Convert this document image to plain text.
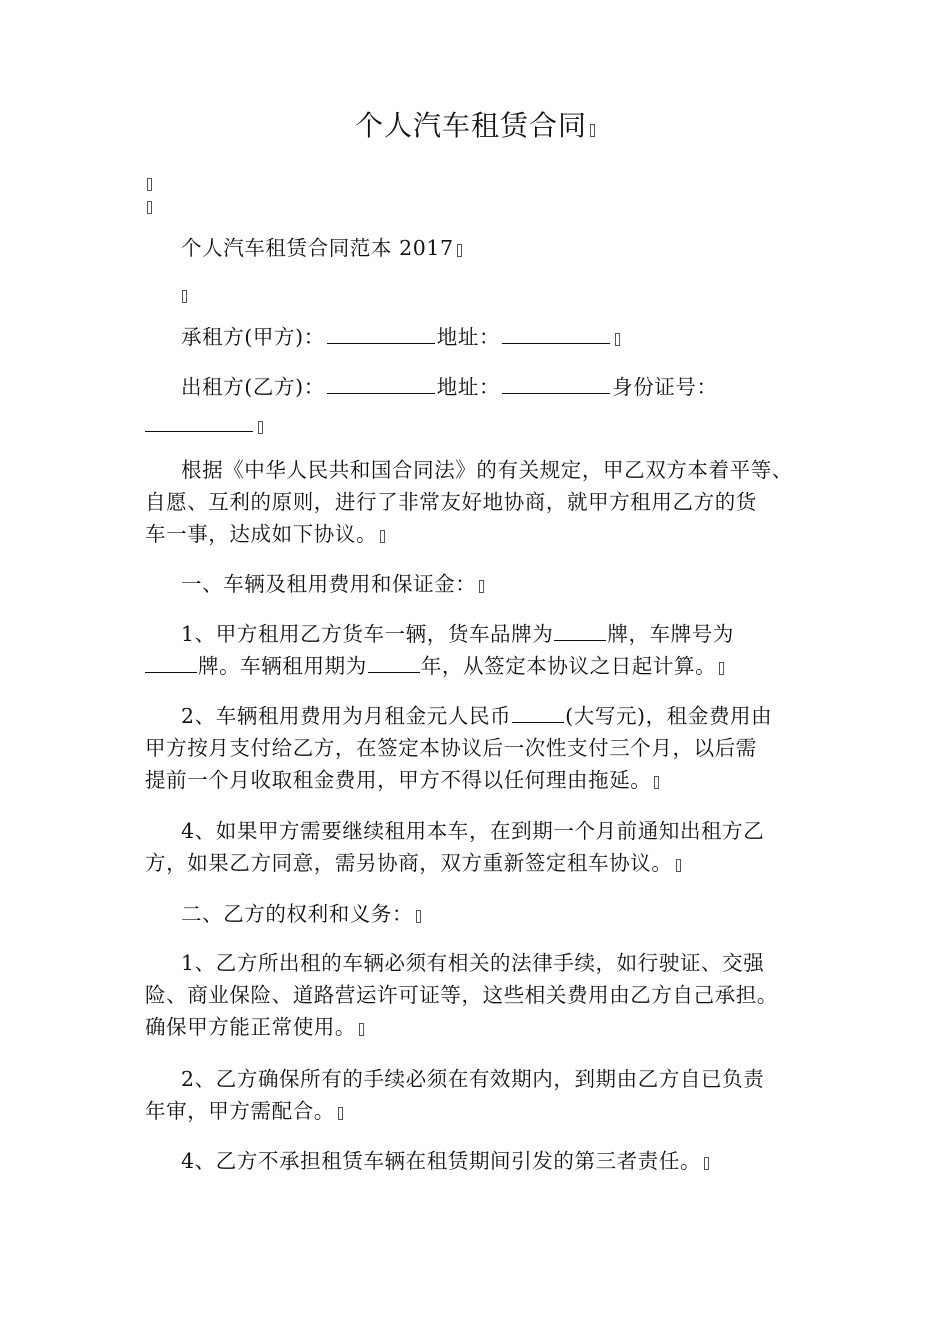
个人汽车租赁合同
个人汽车租赁合同范本 2017
承租方(甲方)：	地址：
出租方(乙方)：	地址：	身份证号：
根据《中华人民共和国合同法》的有关规定，甲乙双方本着平等、
自愿、互利的原则，进行了非常友好地协商，就甲方租用乙方的货
车一事，达成如下协议。
一、车辆及租用费用和保证金：
1、甲方租用乙方货车一辆，货车品牌为	牌，车牌号为
牌。车辆租用期为	年，从签定本协议之日起计算。
2、车辆租用费用为月租金元人民币	(大写元)，租金费用由
甲方按月支付给乙方，在签定本协议后一次性支付三个月，以后需
提前一个月收取租金费用，甲方不得以任何理由拖延。
4、如果甲方需要继续租用本车，在到期一个月前通知出租方乙
方，如果乙方同意，需另协商，双方重新签定租车协议。
二、乙方的权利和义务：
1、乙方所出租的车辆必须有相关的法律手续，如行驶证、交强
险、商业保险、道路营运许可证等，这些相关费用由乙方自己承担。
确保甲方能正常使用。
2、乙方确保所有的手续必须在有效期内，到期由乙方自已负责
年审，甲方需配合。
4、乙方不承担租赁车辆在租赁期间引发的第三者责任。
